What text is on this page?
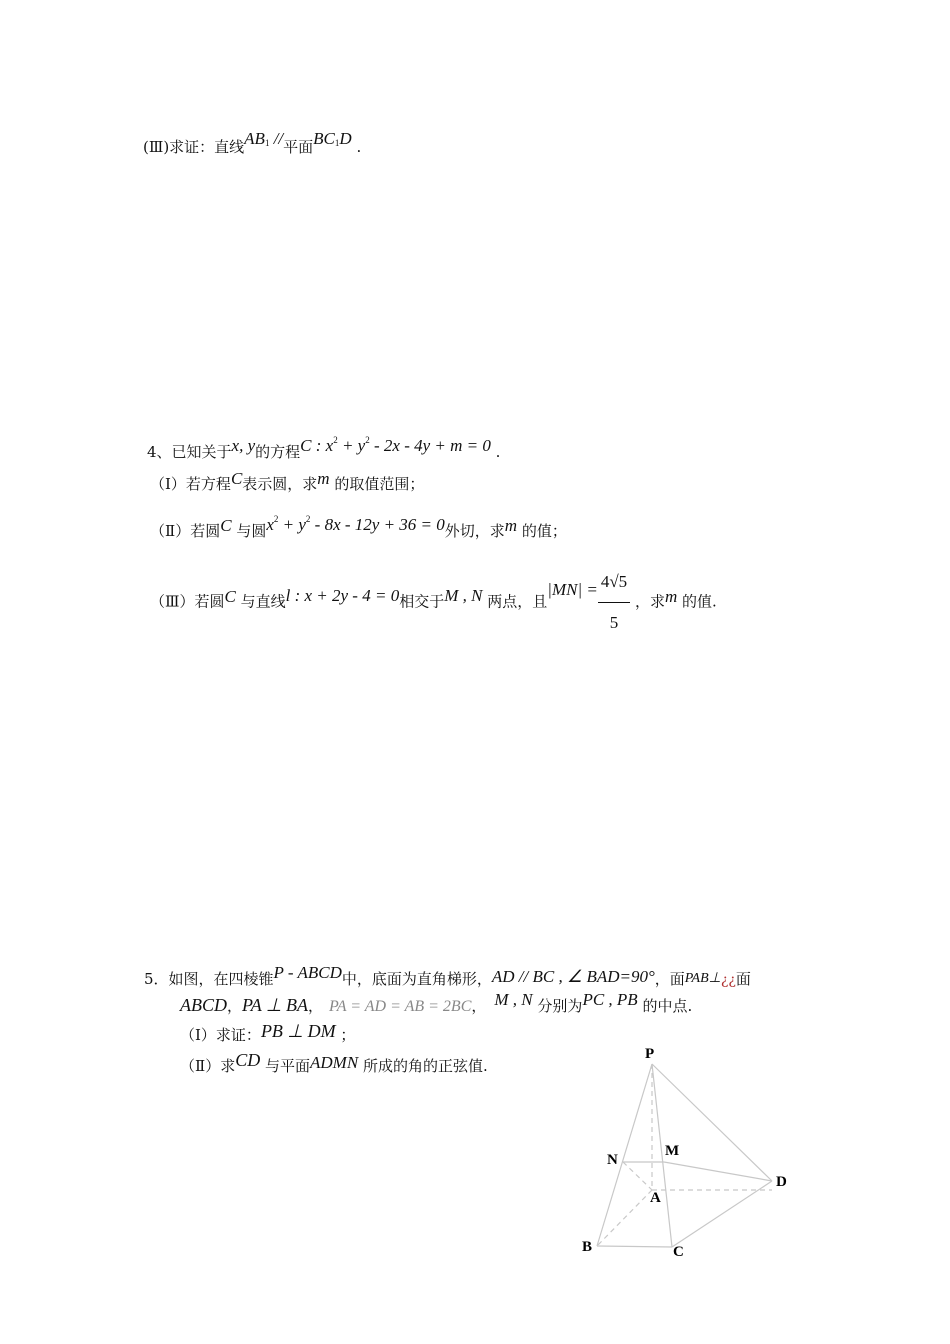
(Ⅲ)求证：直线$AB_1$ //平面$BC_1D$ .
4、已知关于x, y的方程C : $x^2 + y^2 - 2x - 4y + m = 0$ .
（Ⅰ）若方程C表示圆，求m 的取值范围；
（Ⅱ）若圆C 与圆$x^2 + y^2 - 8x - 12y + 36 = 0$外切，求m 的值；
（Ⅲ）若圆C 与直线l : x + 2y - 4 = 0相交于M , N 两点，且$|MN| = \frac{4√5}{5}$ ，求m 的值.
5．如图，在四棱锥P - ABCD中，底面为直角梯形，AD // BC , ∠ BAD=90°，面PAB⊥¿¿面
ABCD，PA ⊥ BA， PA = AD = AB = 2BC， M , N 分别为PC , PB 的中点.
（Ⅰ）求证：PB ⊥ DM ；
（Ⅱ）求CD 与平面ADMN 所成的角的正弦值.
P
M
N
A
D
B	C
